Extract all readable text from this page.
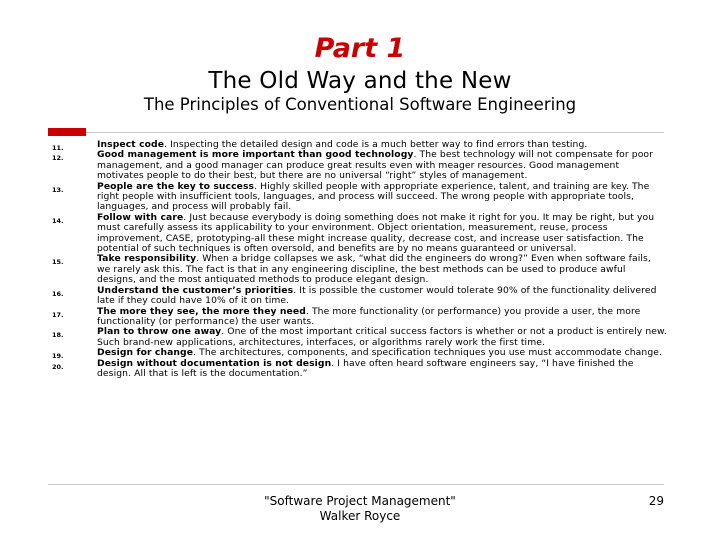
Part 1
The Old Way and the New
The Principles of Conventional Software Engineering
11.	Inspect code. Inspecting the detailed design and code is a much better way to find errors than testing.
12.	Good management is more important than good technology. The best technology will not compensate for poor management, and a good manager can produce great results even with meager resources. Good management motivates people to do their best, but there are no universal “right” styles of management.
13.	People are the key to success. Highly skilled people with appropriate experience, talent, and training are key. The right people with insufficient tools, languages, and process will succeed. The wrong people with appropriate tools, languages, and process will probably fail.
14.	Follow with care. Just because everybody is doing something does not make it right for you. It may be right, but you must carefully assess its applicability to your environment. Object orientation, measurement, reuse, process improvement, CASE, prototyping-all these might increase quality, decrease cost, and increase user satisfaction. The potential of such techniques is often oversold, and benefits are by no means guaranteed or universal.
15.	Take responsibility. When a bridge collapses we ask, “what did the engineers do wrong?” Even when software fails, we rarely ask this. The fact is that in any engineering discipline, the best methods can be used to produce awful designs, and the most antiquated methods to produce elegant design.
16.	Understand the customer’s priorities. It is possible the customer would tolerate 90% of the functionality delivered late if they could have 10% of it on time.
17.	The more they see, the more they need. The more functionality (or performance) you provide a user, the more functionality (or performance) the user wants.
18.	Plan to throw one away. One of the most important critical success factors is whether or not a product is entirely new. Such brand-new applications, architectures, interfaces, or algorithms rarely work the first time.
19.	Design for change. The architectures, components, and specification techniques you use must accommodate change.
20.	Design without documentation is not design. I have often heard software engineers say, “I have finished the design. All that is left is the documentation.”
"Software Project Management"
Walker Royce
29
